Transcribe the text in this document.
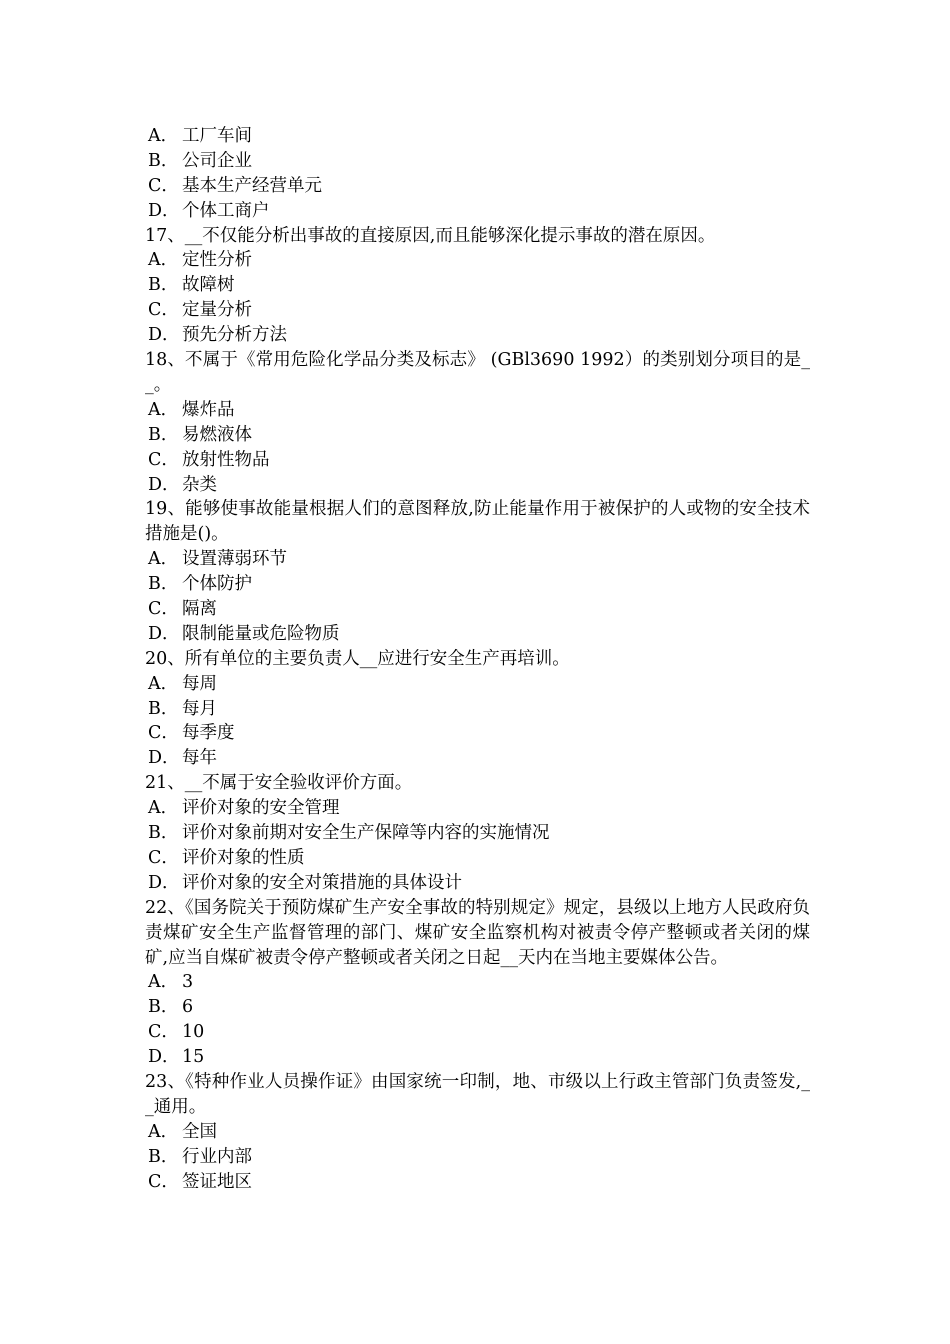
A． 工厂车间
B． 公司企业
C． 基本生产经营单元
D． 个体工商户
17、__不仅能分析出事故的直接原因,而且能够深化提示事故的潜在原因。
A． 定性分析
B． 故障树
C． 定量分析
D． 预先分析方法
18、不属于《常用危险化学品分类及标志》 (GBl3690 1992）的类别划分项目的是__。
A． 爆炸品
B． 易燃液体
C． 放射性物品
D． 杂类
19、能够使事故能量根据人们的意图释放,防止能量作用于被保护的人或物的安全技术措施是()。
A． 设置薄弱环节
B． 个体防护
C． 隔离
D． 限制能量或危险物质
20、所有单位的主要负责人__应进行安全生产再培训。
A． 每周
B． 每月
C． 每季度
D． 每年
21、__不属于安全验收评价方面。
A． 评价对象的安全管理
B． 评价对象前期对安全生产保障等内容的实施情况
C． 评价对象的性质
D． 评价对象的安全对策措施的具体设计
22、《国务院关于预防煤矿生产安全事故的特别规定》规定，县级以上地方人民政府负责煤矿安全生产监督管理的部门、煤矿安全监察机构对被责令停产整顿或者关闭的煤矿,应当自煤矿被责令停产整顿或者关闭之日起__天内在当地主要媒体公告。
A． 3
B． 6
C． 10
D． 15
23、《特种作业人员操作证》由国家统一印制，地、市级以上行政主管部门负责签发,__通用。
A． 全国
B． 行业内部
C． 签证地区
